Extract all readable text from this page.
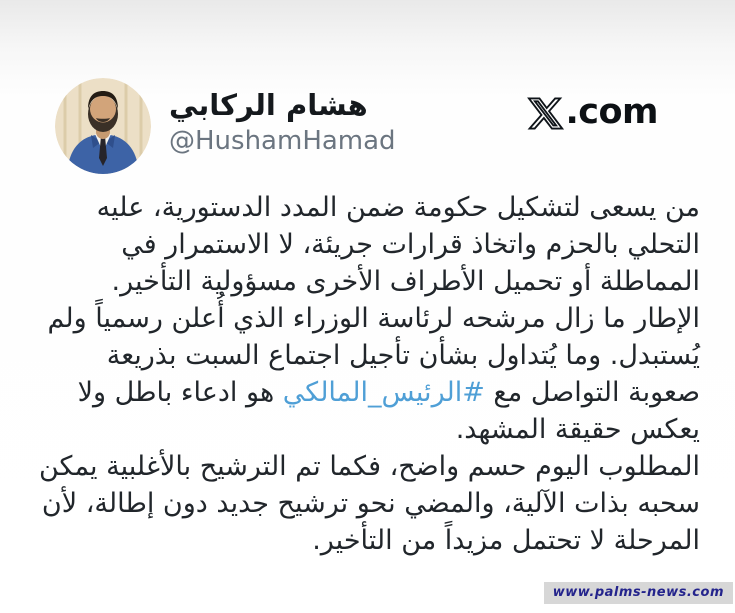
هشام الركابي
@HushamHamad
.com

من يسعى لتشكيل حكومة ضمن المدد الدستورية، عليه التحلي بالحزم واتخاذ قرارات جريئة، لا الاستمرار في المماطلة أو تحميل الأطراف الأخرى مسؤولية التأخير.

الإطار ما زال مرشحه لرئاسة الوزراء الذي أُعلن رسمياً ولم يُستبدل. وما يُتداول بشأن تأجيل اجتماع السبت بذريعة صعوبة التواصل مع #الرئيس_المالكي هو ادعاء باطل ولا يعكس حقيقة المشهد.

المطلوب اليوم حسم واضح، فكما تم الترشيح بالأغلبية يمكن سحبه بذات الآلية، والمضي نحو ترشيح جديد دون إطالة، لأن المرحلة لا تحتمل مزيداً من التأخير.

www.palms-news.com
